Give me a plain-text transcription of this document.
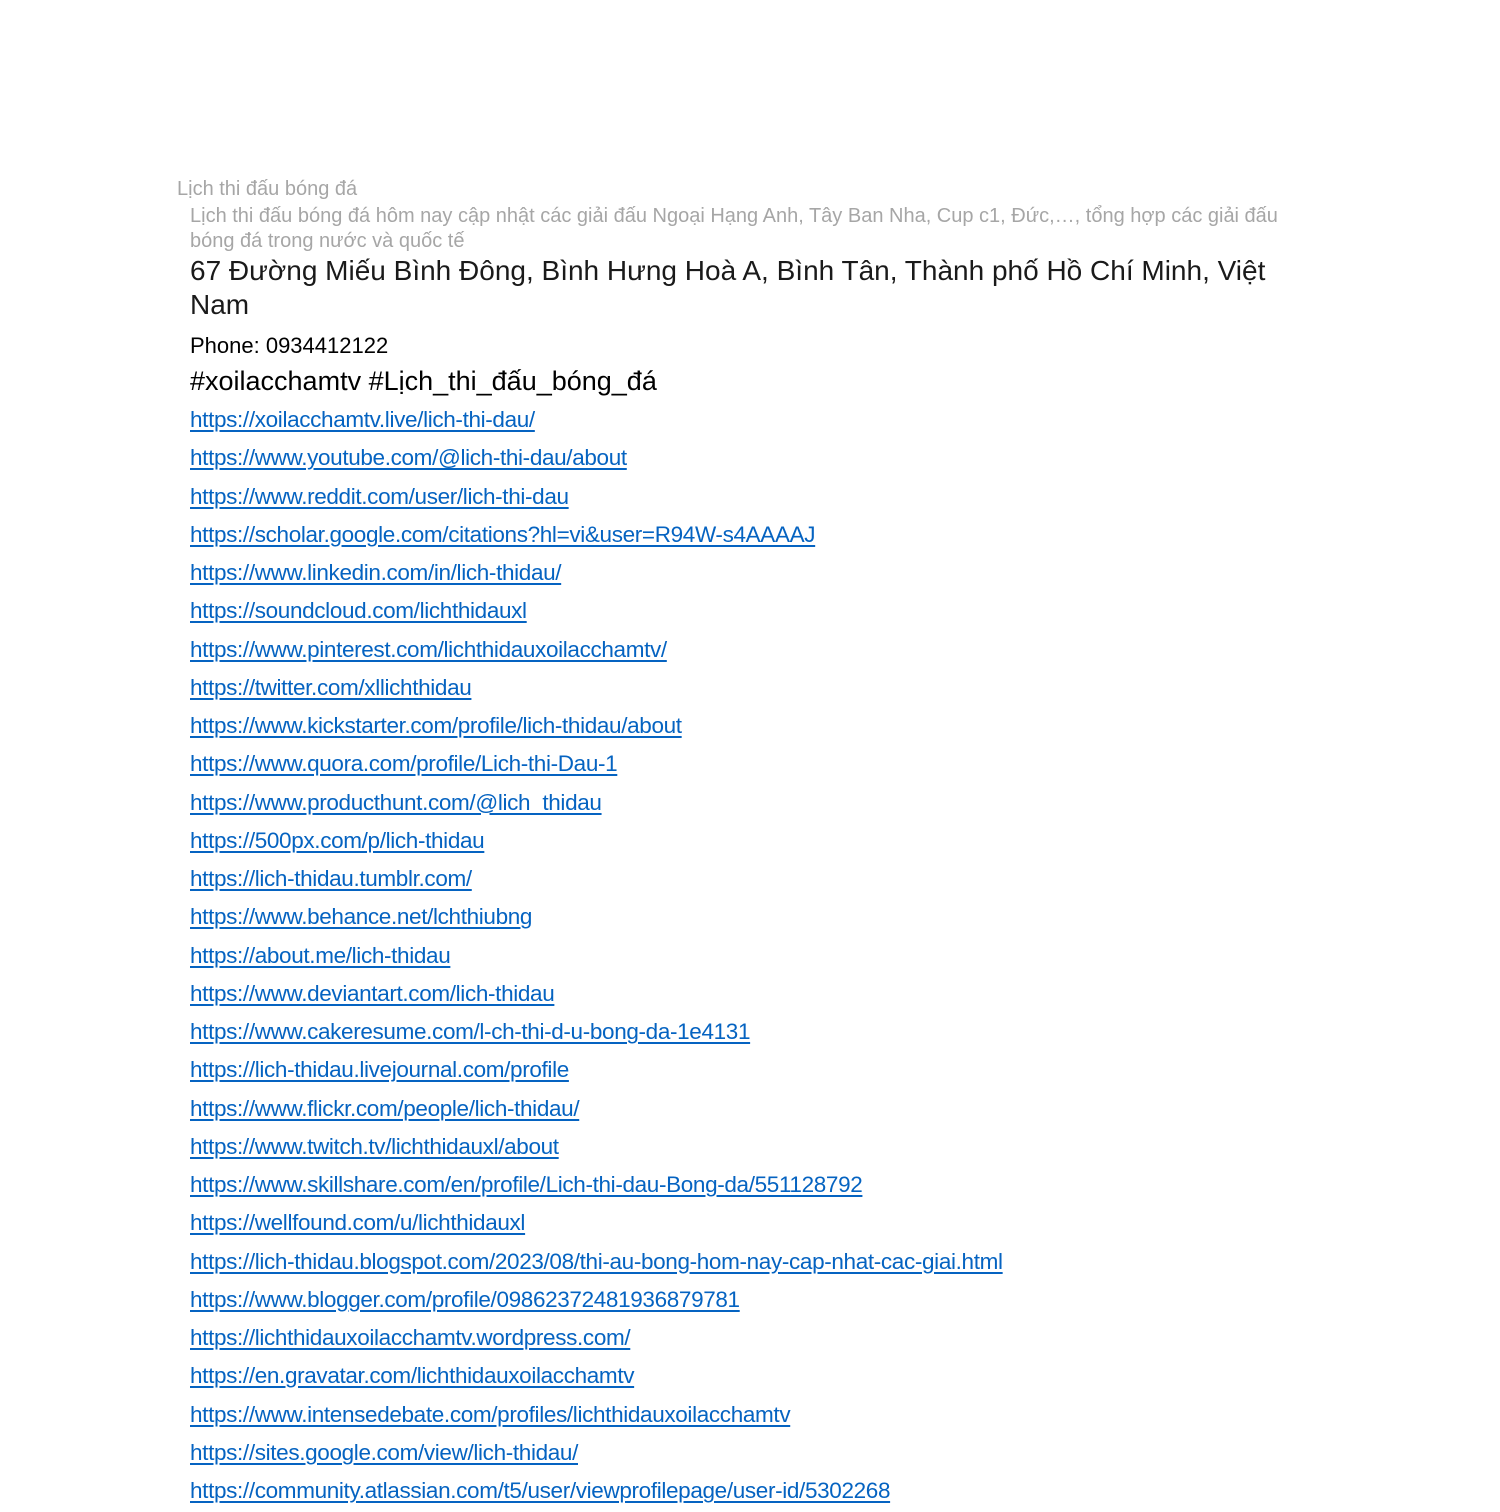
Lịch thi đấu bóng đá
Lịch thi đấu bóng đá hôm nay cập nhật các giải đấu Ngoại Hạng Anh, Tây Ban Nha, Cup c1, Đức,…, tổng hợp các giải đấu bóng đá trong nước và quốc tế
67 Đường Miếu Bình Đông, Bình Hưng Hoà A, Bình Tân, Thành phố Hồ Chí Minh, Việt Nam
Phone: 0934412122
#xoilacchamtv #Lịch_thi_đấu_bóng_đá
https://xoilacchamtv.live/lich-thi-dau/
https://www.youtube.com/@lich-thi-dau/about
https://www.reddit.com/user/lich-thi-dau
https://scholar.google.com/citations?hl=vi&user=R94W-s4AAAAJ
https://www.linkedin.com/in/lich-thidau/
https://soundcloud.com/lichthidauxl
https://www.pinterest.com/lichthidauxoilacchamtv/
https://twitter.com/xllichthidau
https://www.kickstarter.com/profile/lich-thidau/about
https://www.quora.com/profile/Lich-thi-Dau-1
https://www.producthunt.com/@lich_thidau
https://500px.com/p/lich-thidau
https://lich-thidau.tumblr.com/
https://www.behance.net/lchthiubng
https://about.me/lich-thidau
https://www.deviantart.com/lich-thidau
https://www.cakeresume.com/l-ch-thi-d-u-bong-da-1e4131
https://lich-thidau.livejournal.com/profile
https://www.flickr.com/people/lich-thidau/
https://www.twitch.tv/lichthidauxl/about
https://www.skillshare.com/en/profile/Lich-thi-dau-Bong-da/551128792
https://wellfound.com/u/lichthidauxl
https://lich-thidau.blogspot.com/2023/08/thi-au-bong-hom-nay-cap-nhat-cac-giai.html
https://www.blogger.com/profile/09862372481936879781
https://lichthidauxoilacchamtv.wordpress.com/
https://en.gravatar.com/lichthidauxoilacchamtv
https://www.intensedebate.com/profiles/lichthidauxoilacchamtv
https://sites.google.com/view/lich-thidau/
https://community.atlassian.com/t5/user/viewprofilepage/user-id/5302268
